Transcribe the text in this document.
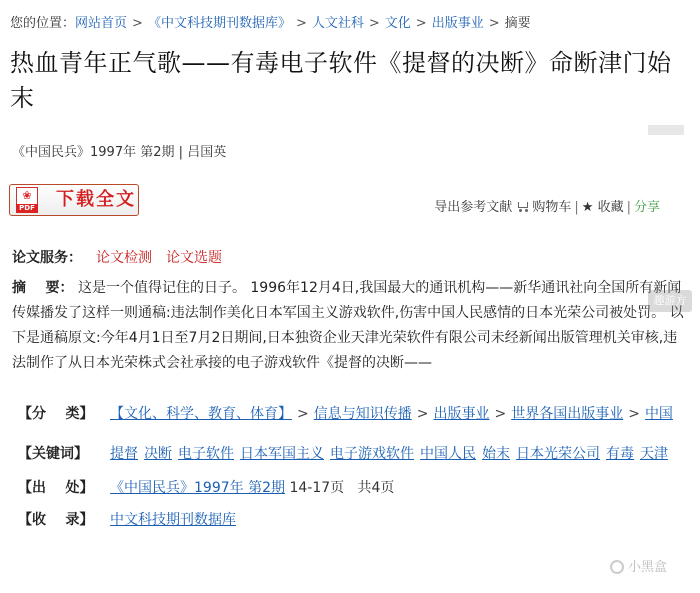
您的位置：网站首页 > 《中文科技期刊数据库》 > 人文社科 > 文化 > 出版事业 > 摘要
热血青年正气歌——有毒电子软件《提督的决断》命断津门始末
《中国民兵》1997年 第2期 | 吕国英
❀
PDF 下载全文	导出参考文献 购物车 | ★ 收藏 | 分享
论文服务： 论文检测 论文选题
摘    要： 这是一个值得记住的日子。 1996年12月4日,我国最大的通讯机构——新华通讯社向全国所有新闻传媒播发了这样一则通稿:违法制作美化日本军国主义游戏软件,伤害中国人民感情的日本光荣公司被处罚。 以下是通稿原文:今年4月1日至7月2日期间,日本独资企业天津光荣软件有限公司未经新闻出版管理机关审核,违法制作了从日本光荣株式会社承接的电子游戏软件《提督的决断——
趣游方
【分    类】	【文化、科学、教育、体育】 > 信息与知识传播 > 出版事业 > 世界各国出版事业 > 中国
【关键词】	提督 决断 电子软件 日本军国主义 电子游戏软件 中国人民 始末 日本光荣公司 有毒 天津
【出    处】	《中国民兵》1997年 第2期 14-17页 共4页
【收    录】	中文科技期刊数据库
小黑盒
